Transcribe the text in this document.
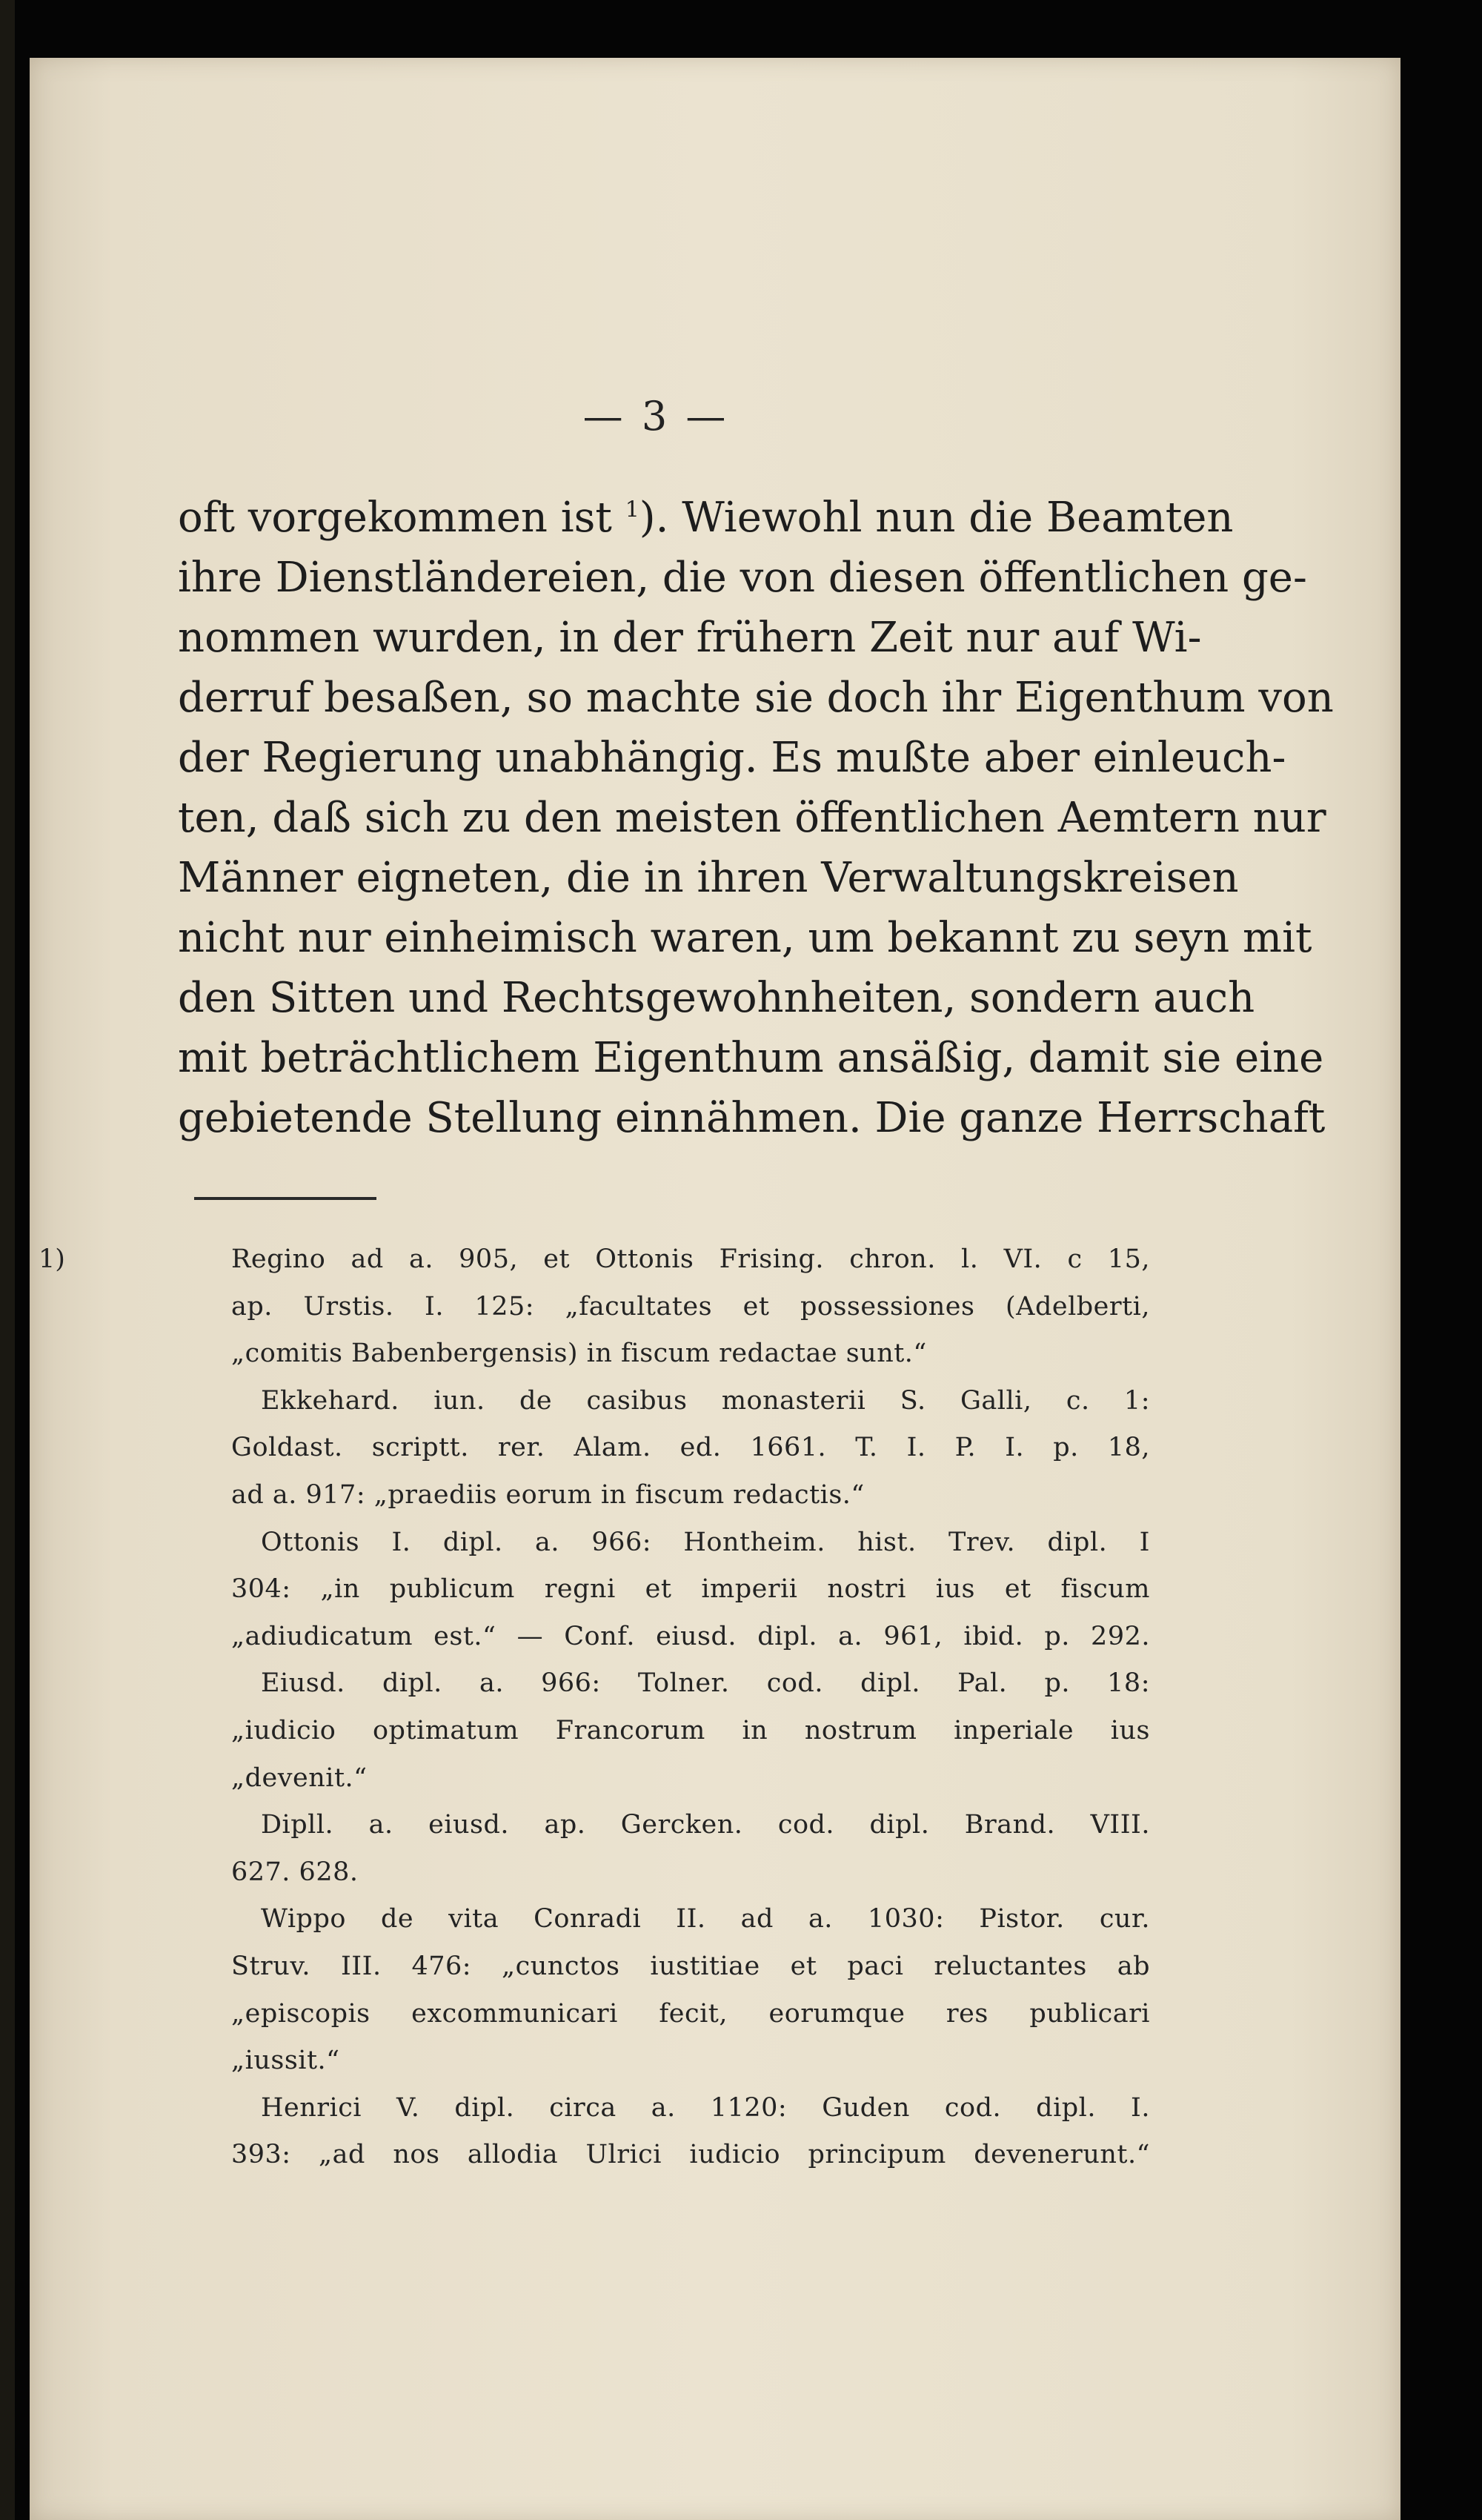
— 3 —
oft vorgekommen ist $^1$). Wiewohl nun die Beamten
ihre Dienstländereien, die von diesen öffentlichen ge-
nommen wurden, in der frühern Zeit nur auf Wi-
derruf besaßen, so machte sie doch ihr Eigenthum von
der Regierung unabhängig. Es mußte aber einleuch-
ten, daß sich zu den meisten öffentlichen Aemtern nur
Männer eigneten, die in ihren Verwaltungskreisen
nicht nur einheimisch waren, um bekannt zu seyn mit
den Sitten und Rechtsgewohnheiten, sondern auch
mit beträchtlichem Eigenthum ansäßig, damit sie eine
gebietende Stellung einnähmen. Die ganze Herrschaft
1)	Regino ad a. 905, et Ottonis Frising. chron. l. VI. c 15,
ap. Urstis. I. 125: „facultates et possessiones (Adelberti,
„comitis Babenbergensis) in fiscum redactae sunt.“
Ekkehard. iun. de casibus monasterii S. Galli, c. 1:
Goldast. scriptt. rer. Alam. ed. 1661. T. I. P. I. p. 18,
ad a. 917: „praediis eorum in fiscum redactis.“
Ottonis I. dipl. a. 966: Hontheim. hist. Trev. dipl. I
304: „in publicum regni et imperii nostri ius et fiscum
„adiudicatum est.“ — Conf. eiusd. dipl. a. 961, ibid. p. 292.
Eiusd. dipl. a. 966: Tolner. cod. dipl. Pal. p. 18:
„iudicio optimatum Francorum in nostrum inperiale ius
„devenit.“
Dipll. a. eiusd. ap. Gercken. cod. dipl. Brand. VIII.
627. 628.
Wippo de vita Conradi II. ad a. 1030: Pistor. cur.
Struv. III. 476: „cunctos iustitiae et paci reluctantes ab
„episcopis excommunicari fecit, eorumque res publicari
„iussit.“
Henrici V. dipl. circa a. 1120: Guden cod. dipl. I.
393: „ad nos allodia Ulrici iudicio principum devenerunt.“
